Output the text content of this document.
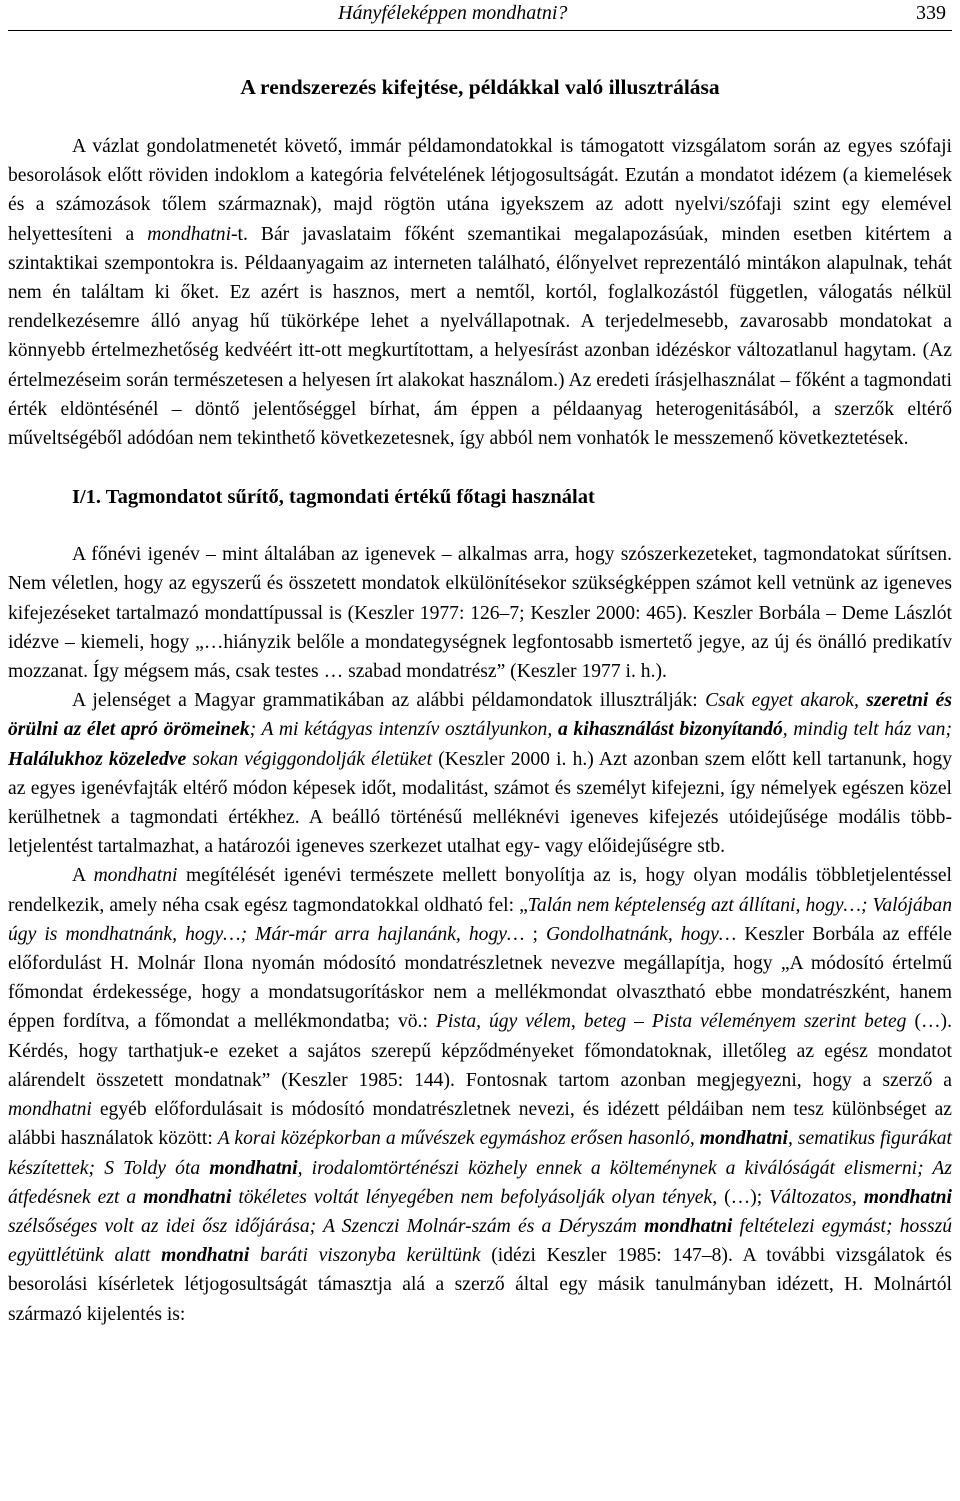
Hányféleképpen mondhatni?	339
A rendszerezés kifejtése, példákkal való illusztrálása

A vázlat gondolatmenetét követő, immár példamondatokkal is támogatott vizsgálatom során az egyes szófaji besorolások előtt röviden indoklom a kategória felvételének létjogosultságát. Ezután a mondatot idézem (a kiemelések és a számozások tőlem származnak), majd rögtön utána igyekszem az adott nyelvi/szófaji szint egy elemével helyettesíteni a mondhatni-t. Bár javaslataim főként szemantikai megalapozásúak, minden esetben kitértem a szintaktikai szempontokra is. Példaanyagaim az interneten található, élőnyelvet reprezentáló mintákon alapulnak, tehát nem én találtam ki őket. Ez azért is hasznos, mert a nemtől, kortól, foglalkozástól független, válogatás nélkül rendelkezésemre álló anyag hű tükörképe lehet a nyelvállapotnak. A terjedelmesebb, zavarosabb mondatokat a könnyebb értelmezhetőség kedvéért itt-ott megkurtítottam, a helyesírást azonban idézéskor változatlanul hagytam. (Az értelmezéseim során természetesen a helyesen írt alakokat használom.) Az eredeti írásjelhasználat – főként a tagmondati érték eldöntésénél – döntő jelentőséggel bírhat, ám éppen a példaanyag heterogenitásából, a szerzők eltérő műveltségéből adódóan nem tekinthető következetesnek, így abból nem vonhatók le messzemenő következtetések.

I/1. Tagmondatot sűrítő, tagmondati értékű főtagi használat

A főnévi igenév – mint általában az igenevek – alkalmas arra, hogy szószerkezeteket, tagmondatokat sűrítsen. Nem véletlen, hogy az egyszerű és összetett mondatok elkülönítésekor szükségképpen számot kell vetnünk az igeneves kifejezéseket tartalmazó mondattípussal is (Keszler 1977: 126–7; Keszler 2000: 465). Keszler Borbála – Deme Lászlót idézve – kiemeli, hogy „…hiányzik belőle a mondategységnek legfontosabb ismertető jegye, az új és önálló predikatív mozzanat. Így mégsem más, csak testes … szabad mondatrész” (Keszler 1977 i. h.).

A jelenséget a Magyar grammatikában az alábbi példamondatok illusztrálják: Csak egyet akarok, szeretni és örülni az élet apró örömeinek; A mi kétágyas intenzív osztályunkon, a kihasználást bizonyítandó, mindig telt ház van; Halálukhoz közeledve sokan végiggondolják életüket (Keszler 2000 i. h.) Azt azonban szem előtt kell tartanunk, hogy az egyes igenévfajták eltérő módon képesek időt, modalitást, számot és személyt kifejezni, így némelyek egészen közel kerülhetnek a tagmondati értékhez. A beálló történésű melléknévi igeneves kifejezés utóidejűsége modális többletjelentést tartalmazhat, a határozói igeneves szerkezet utalhat egy- vagy előidejűségre stb.

A mondhatni megítélését igenévi természete mellett bonyolítja az is, hogy olyan modális többletjelentéssel rendelkezik, amely néha csak egész tagmondatokkal oldható fel: „Talán nem képtelenség azt állítani, hogy…; Valójában úgy is mondhatnánk, hogy…; Már-már arra hajlanánk, hogy… ; Gondolhatnánk, hogy… Keszler Borbála az efféle előfordulást H. Molnár Ilona nyomán módosító mondatrészletnek nevezve megállapítja, hogy „A módosító értelmű főmondat érdekessége, hogy a mondatsugorításkor nem a mellékmondat olvasztható ebbe mondatrészként, hanem éppen fordítva, a főmondat a mellékmondatba; vö.: Pista, úgy vélem, beteg – Pista véleményem szerint beteg (…). Kérdés, hogy tarthatjuk-e ezeket a sajátos szerepű képződményeket főmondatoknak, illetőleg az egész mondatot alárendelt összetett mondatnak” (Keszler 1985: 144). Fontosnak tartom azonban megjegyezni, hogy a szerző a mondhatni egyéb előfordulásait is módosító mondatrészletnek nevezi, és idézett példáiban nem tesz különbséget az alábbi használatok között: A korai középkorban a művészek egymáshoz erősen hasonló, mondhatni, sematikus figurákat készítettek; S Toldy óta mondhatni, irodalomtörténészi közhely ennek a költeménynek a kiválóságát elismerni; Az átfedésnek ezt a mondhatni tökéletes voltát lényegében nem befolyásolják olyan tények, (…); Változatos, mondhatni szélsőséges volt az idei ősz időjárása; A Szenczi Molnár-szám és a Déryszám mondhatni feltételezi egymást; hosszú együttlétünk alatt mondhatni baráti viszonyba kerültünk (idézi Keszler 1985: 147–8). A további vizsgálatok és besorolási kísérletek létjogosultságát támasztja alá a szerző által egy másik tanulmányban idézett, H. Molnártól származó kijelentés is:
